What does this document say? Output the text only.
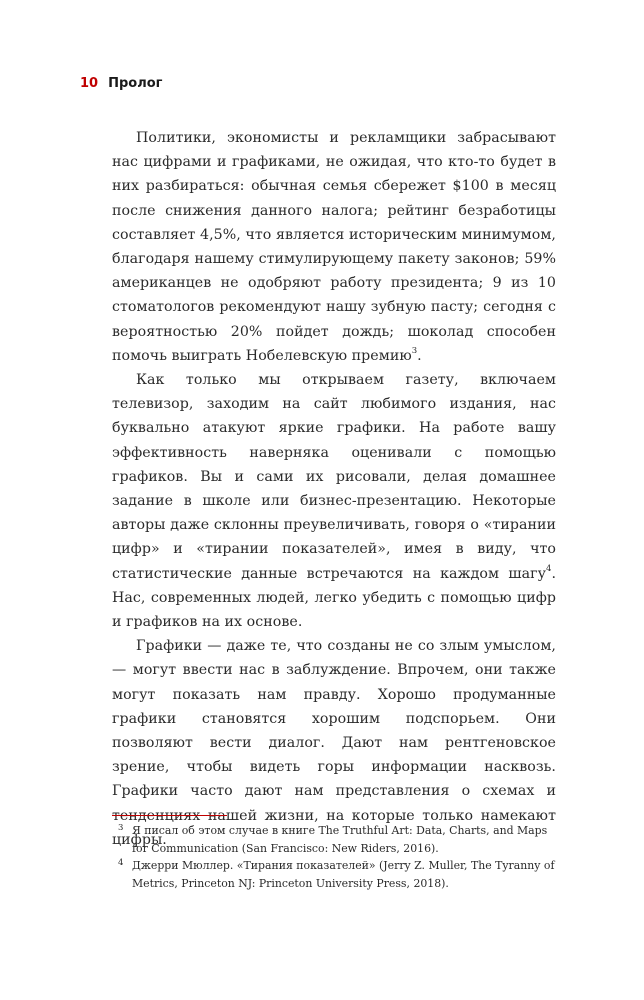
10 Пролог

Политики, экономисты и рекламщики забрасывают нас цифрами и графиками, не ожидая, что кто-то будет в них разбираться: обычная семья сбережет $100 в месяц после снижения данного налога; рейтинг безработицы составляет 4,5%, что является историческим минимумом, благодаря нашему стимулирующему пакету законов; 59% американцев не одобряют работу президента; 9 из 10 стоматологов рекомендуют нашу зубную пасту; сегодня с вероятностью 20% пойдет дождь; шоколад способен помочь выиграть Нобелевскую премию$^3$.

Как только мы открываем газету, включаем телевизор, заходим на сайт любимого издания, нас буквально атакуют яркие графики. На работе вашу эффективность наверняка оценивали с помощью графиков. Вы и сами их рисовали, делая домашнее задание в школе или бизнес-презентацию. Некоторые авторы даже склонны преувеличивать, говоря о «тирании цифр» и «тирании показателей», имея в виду, что статистические данные встречаются на каждом шагу$^4$. Нас, современных людей, легко убедить с помощью цифр и графиков на их основе.

Графики — даже те, что созданы не со злым умыслом, — могут ввести нас в заблуждение. Впрочем, они также могут показать нам правду. Хорошо продуманные графики становятся хорошим подспорьем. Они позволяют вести диалог. Дают нам рентгеновское зрение, чтобы видеть горы информации насквозь. Графики часто дают нам представления о схемах и тенденциях нашей жизни, на которые только намекают цифры.

3 Я писал об этом случае в книге The Truthful Art: Data, Charts, and Maps for Communication (San Francisco: New Riders, 2016).
4 Джерри Мюллер. «Тирания показателей» (Jerry Z. Muller, The Tyranny of Metrics, Princeton NJ: Princeton University Press, 2018).
